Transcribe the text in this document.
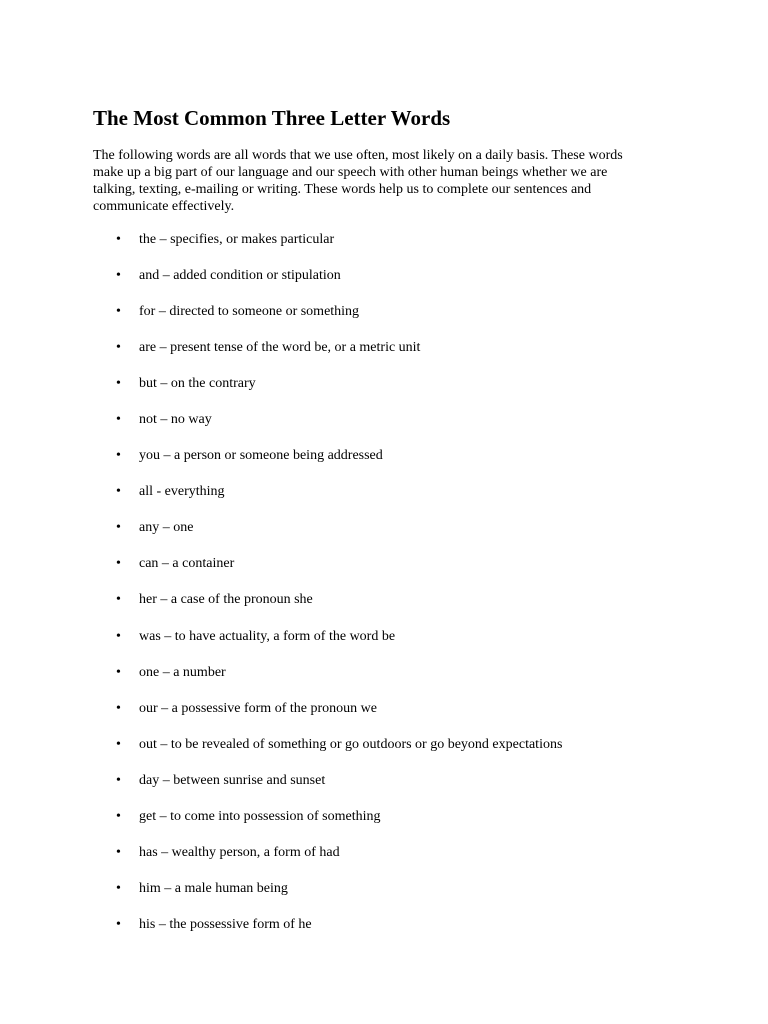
The Most Common Three Letter Words

The following words are all words that we use often, most likely on a daily basis. These words make up a big part of our language and our speech with other human beings whether we are talking, texting, e-mailing or writing. These words help us to complete our sentences and communicate effectively.

• the – specifies, or makes particular
• and – added condition or stipulation
• for – directed to someone or something
• are – present tense of the word be, or a metric unit
• but – on the contrary
• not – no way
• you – a person or someone being addressed
• all - everything
• any – one
• can – a container
• her – a case of the pronoun she
• was – to have actuality, a form of the word be
• one – a number
• our – a possessive form of the pronoun we
• out – to be revealed of something or go outdoors or go beyond expectations
• day – between sunrise and sunset
• get – to come into possession of something
• has – wealthy person, a form of had
• him – a male human being
• his – the possessive form of he
